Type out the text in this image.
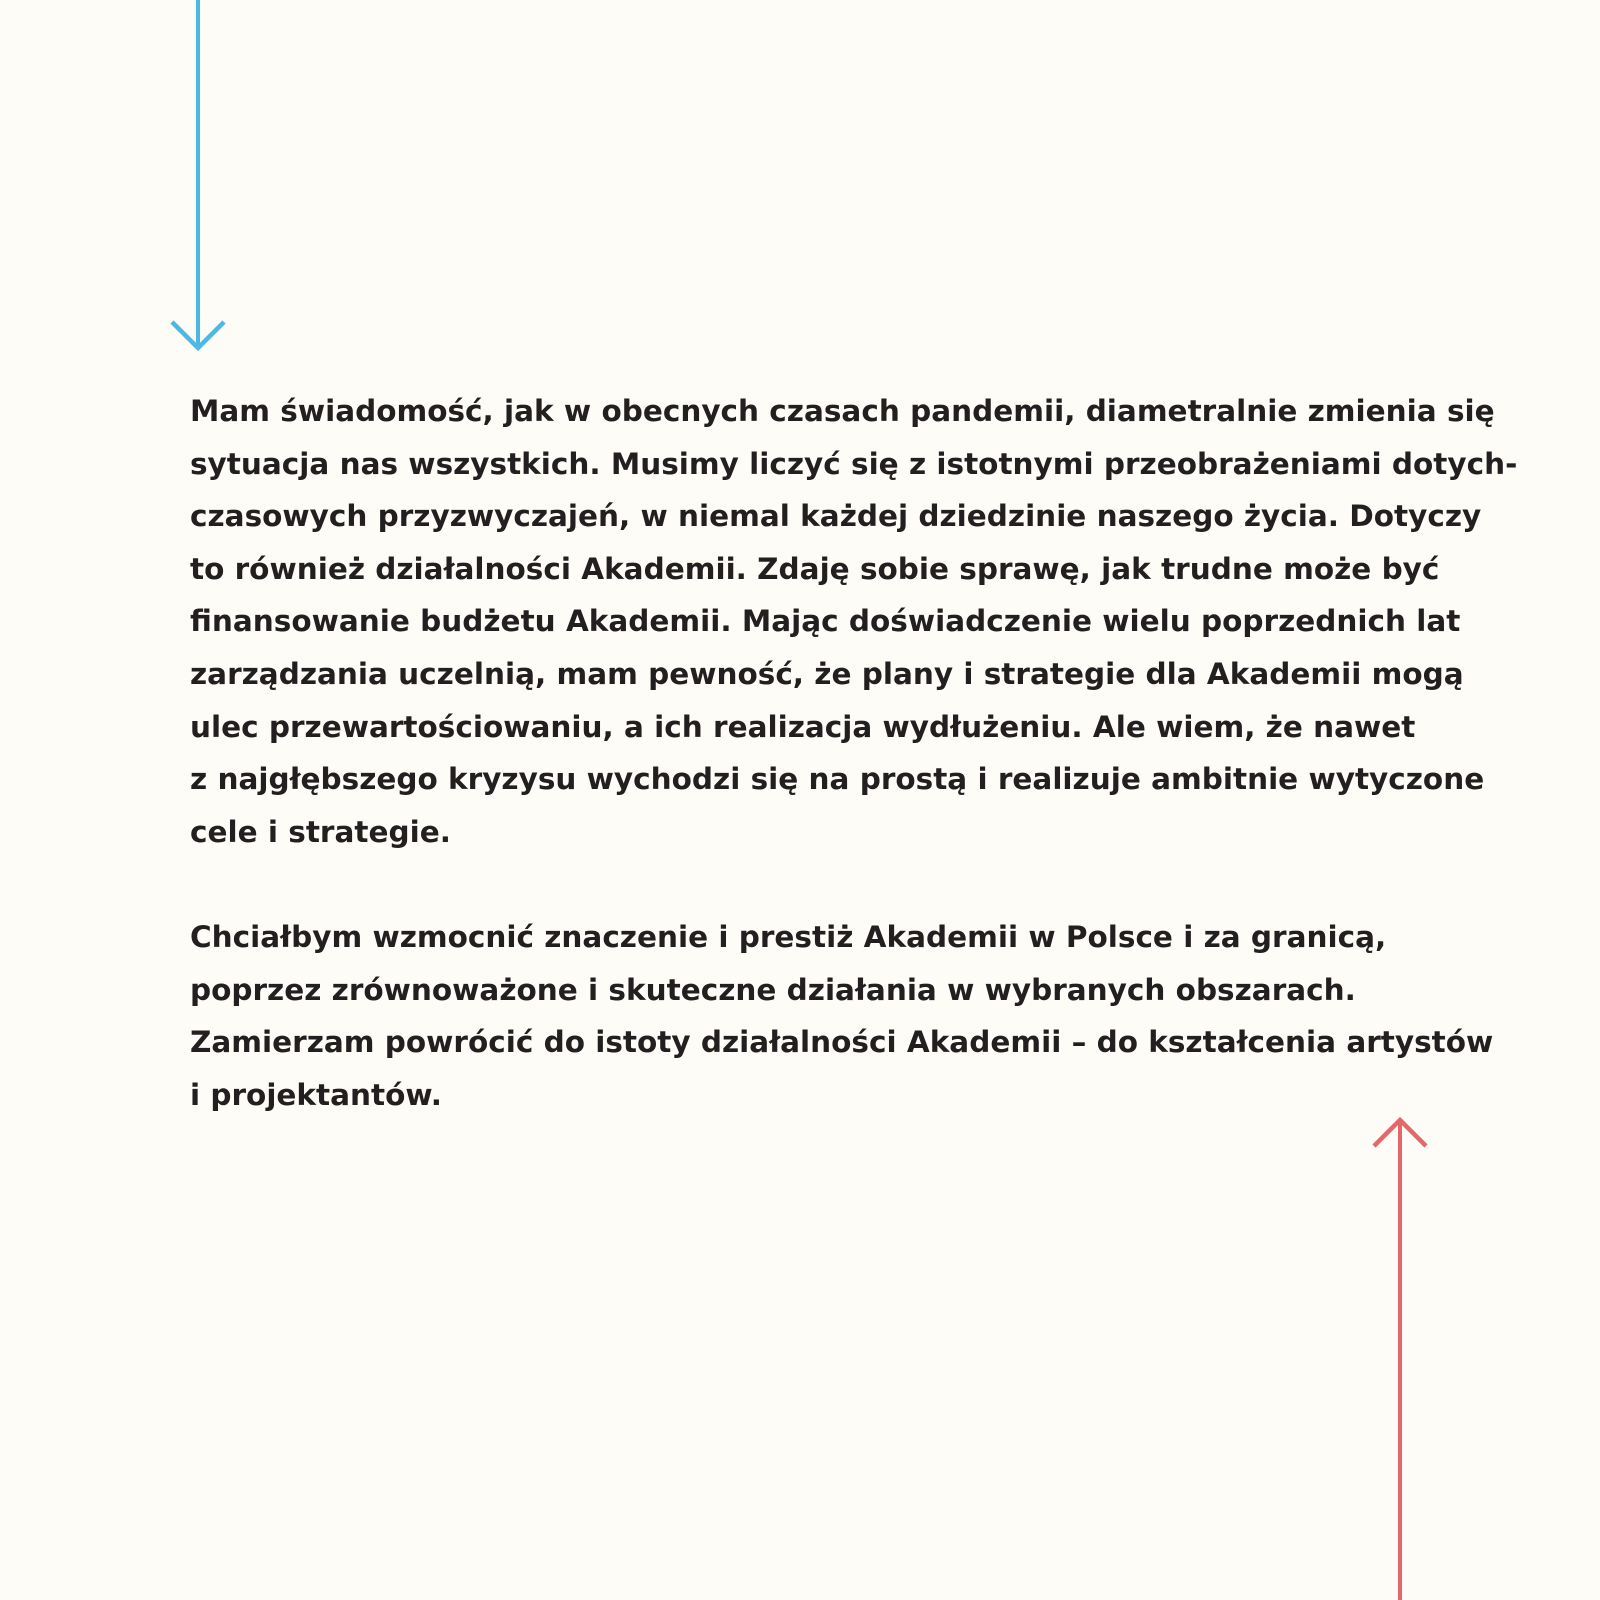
Mam świadomość, jak w obecnych czasach pandemii, diametralnie zmienia się
sytuacja nas wszystkich. Musimy liczyć się z istotnymi przeobrażeniami dotych-
czasowych przyzwyczajeń, w niemal każdej dziedzinie naszego życia. Dotyczy
to również działalności Akademii. Zdaję sobie sprawę, jak trudne może być
finansowanie budżetu Akademii. Mając doświadczenie wielu poprzednich lat
zarządzania uczelnią, mam pewność, że plany i strategie dla Akademii mogą
ulec przewartościowaniu, a ich realizacja wydłużeniu. Ale wiem, że nawet
z najgłębszego kryzysu wychodzi się na prostą i realizuje ambitnie wytyczone
cele i strategie.

Chciałbym wzmocnić znaczenie i prestiż Akademii w Polsce i za granicą,
poprzez zrównoważone i skuteczne działania w wybranych obszarach.
Zamierzam powrócić do istoty działalności Akademii – do kształcenia artystów
i projektantów.
